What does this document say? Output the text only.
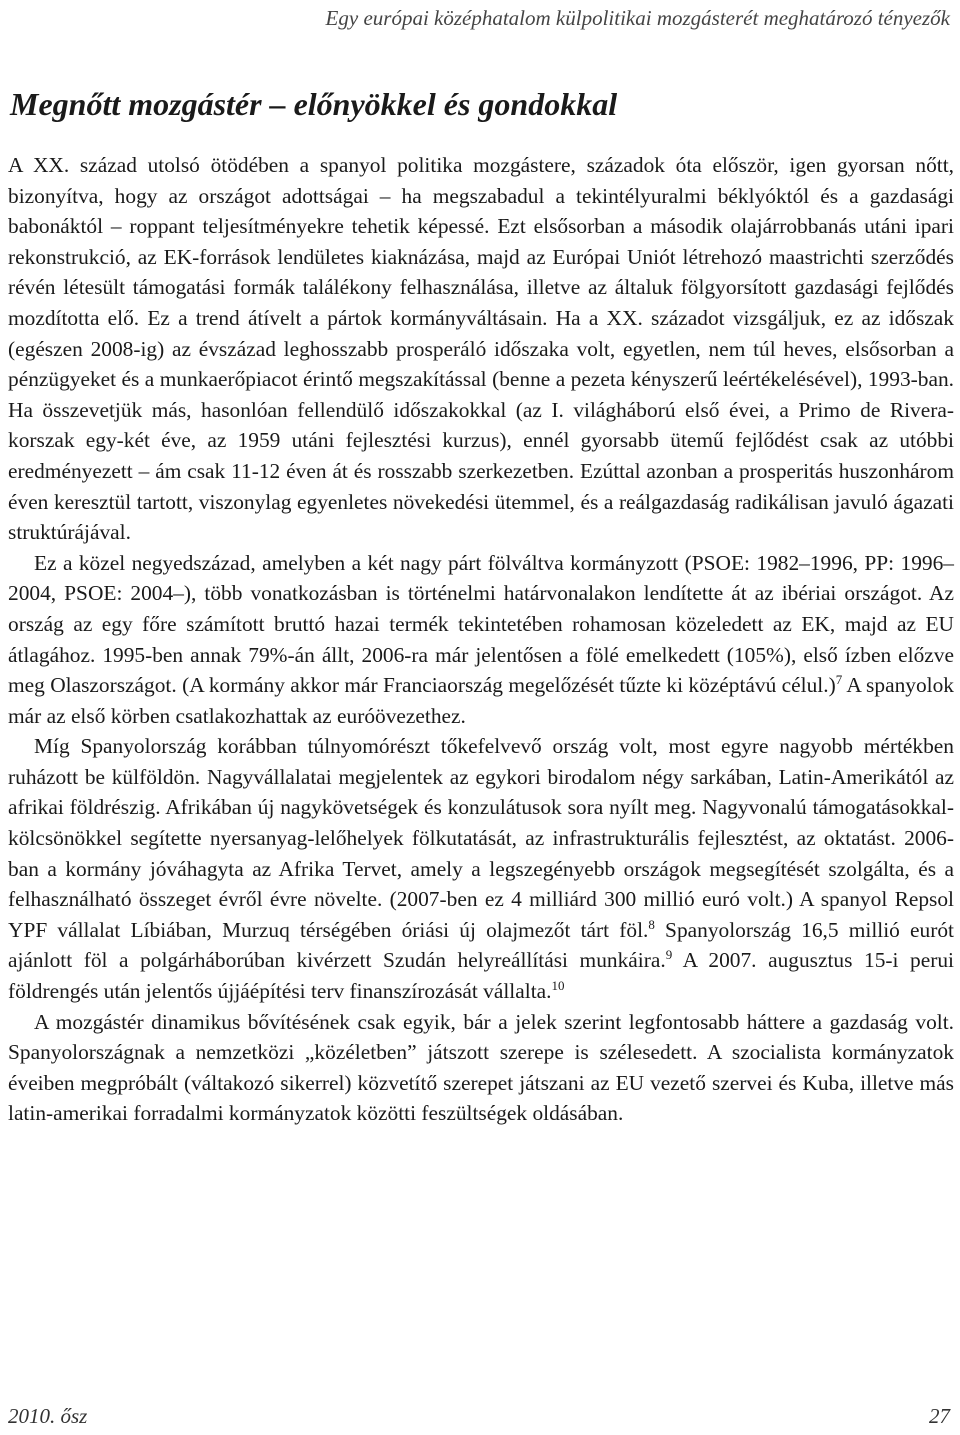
Egy európai középhatalom külpolitikai mozgásterét meghatározó tényezők
Megnőtt mozgástér – előnyökkel és gondokkal

A XX. század utolsó ötödében a spanyol politika mozgástere, századok óta először, igen gyorsan nőtt, bizonyítva, hogy az országot adottságai – ha megszabadul a tekintélyuralmi béklyóktól és a gazdasági babonáktól – roppant teljesítményekre tehetik képessé. Ezt elsősorban a második olajárrobbanás utáni ipari rekonstrukció, az EK-források lendületes kiaknázása, majd az Európai Uniót létrehozó maastrichti szerződés révén létesült támogatási formák találékony felhasználása, illetve az általuk fölgyorsított gazdasági fejlődés mozdította elő. Ez a trend átívelt a pártok kormányváltásain. Ha a XX. századot vizsgáljuk, ez az időszak (egészen 2008-ig) az évszázad leghosszabb prosperáló időszaka volt, egyetlen, nem túl heves, elsősorban a pénzügyeket és a munkaerőpiacot érintő megszakítással (benne a pezeta kényszerű leértékelésével), 1993-ban. Ha összevetjük más, hasonlóan fellendülő időszakokkal (az I. világháború első évei, a Primo de Rivera-korszak egy-két éve, az 1959 utáni fejlesztési kurzus), ennél gyorsabb ütemű fejlődést csak az utóbbi eredményezett – ám csak 11-12 éven át és rosszabb szerkezetben. Ezúttal azonban a prosperitás huszonhárom éven keresztül tartott, viszonylag egyenletes növekedési ütemmel, és a reálgazdaság radikálisan javuló ágazati struktúrájával.

Ez a közel negyedszázad, amelyben a két nagy párt fölváltva kormányzott (PSOE: 1982–1996, PP: 1996–2004, PSOE: 2004–), több vonatkozásban is történelmi határvonalakon lendítette át az ibériai országot. Az ország az egy főre számított bruttó hazai termék tekintetében rohamosan közeledett az EK, majd az EU átlagához. 1995-ben annak 79%-án állt, 2006-ra már jelentősen a fölé emelkedett (105%), első ízben előzve meg Olaszországot. (A kormány akkor már Franciaország megelőzését tűzte ki középtávú célul.)$^7$ A spanyolok már az első körben csatlakozhattak az euróövezethez.

Míg Spanyolország korábban túlnyomórészt tőkefelvevő ország volt, most egyre nagyobb mértékben ruházott be külföldön. Nagyvállalatai megjelentek az egykori birodalom négy sarkában, Latin-Amerikától az afrikai földrészig. Afrikában új nagykövetségek és konzulátusok sora nyílt meg. Nagyvonalú támogatásokkal-kölcsönökkel segítette nyersanyag-lelőhelyek fölkutatását, az infrastrukturális fejlesztést, az oktatást. 2006-ban a kormány jóváhagyta az Afrika Tervet, amely a legszegényebb országok megsegítését szolgálta, és a felhasználható összeget évről évre növelte. (2007-ben ez 4 milliárd 300 millió euró volt.) A spanyol Repsol YPF vállalat Líbiában, Murzuq térségében óriási új olajmezőt tárt föl.$^8$ Spanyolország 16,5 millió eurót ajánlott föl a polgárháborúban kivérzett Szudán helyreállítási munkáira.$^9$ A 2007. augusztus 15-i perui földrengés után jelentős újjáépítési terv finanszírozását vállalta.$^{10}$

A mozgástér dinamikus bővítésének csak egyik, bár a jelek szerint legfontosabb háttere a gazdaság volt. Spanyolországnak a nemzetközi „közéletben” játszott szerepe is szélesedett. A szocialista kormányzatok éveiben megpróbált (váltakozó sikerrel) közvetítő szerepet játszani az EU vezető szervei és Kuba, illetve más latin-amerikai forradalmi kormányzatok közötti feszültségek oldásában.

2010. ősz	27
